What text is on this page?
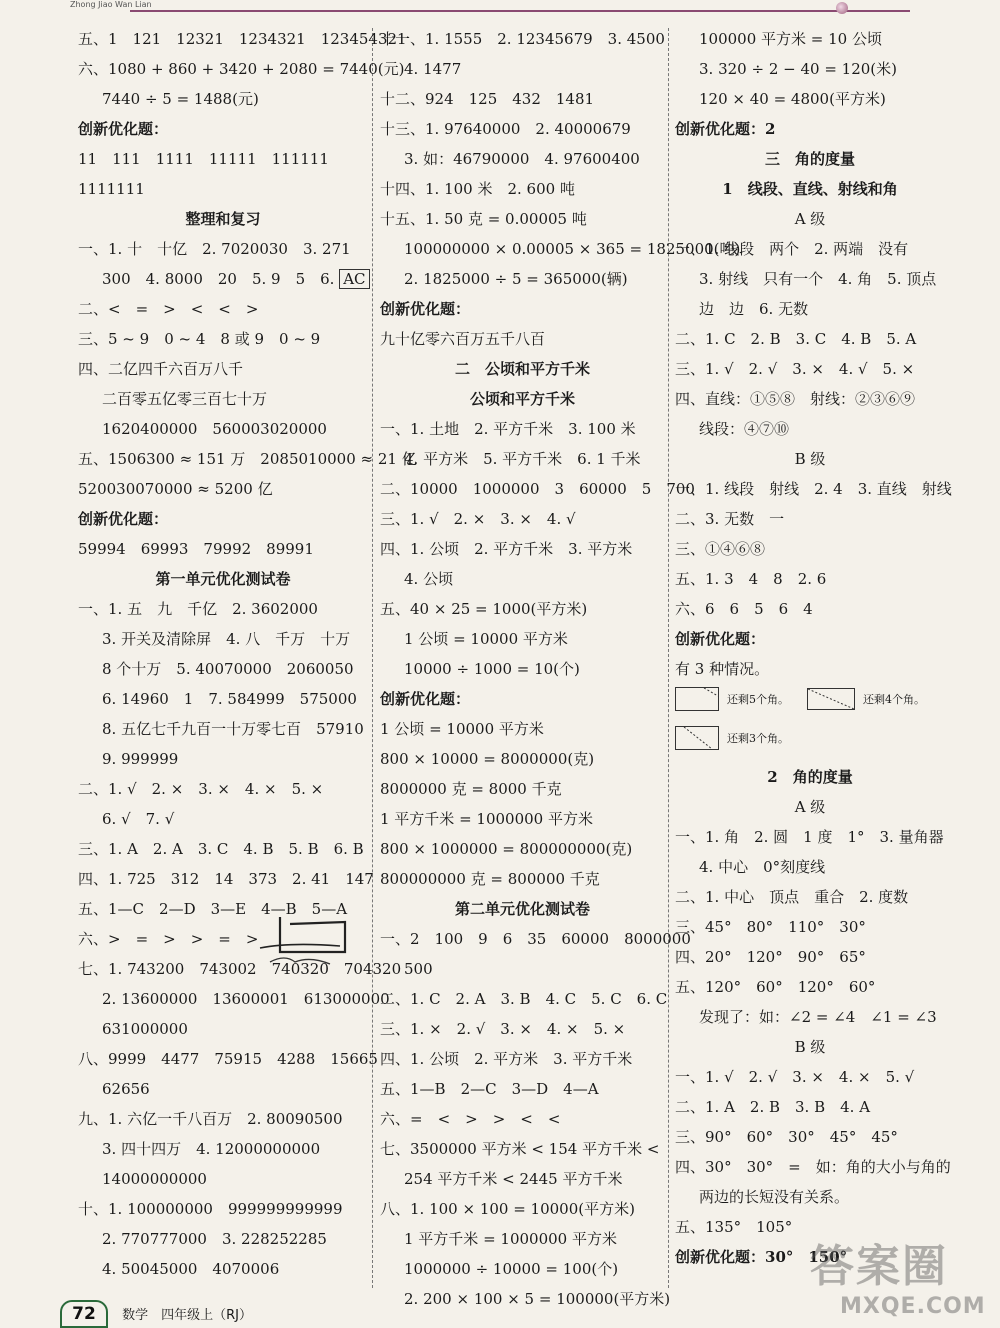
Zhong Jiao Wan Lian
五、1　121　12321　1234321　123454321
六、1080 + 860 + 3420 + 2080 = 7440(元)
7440 ÷ 5 = 1488(元)
创新优化题：
11　111　1111　11111　111111
1111111
整理和复习
一、1. 十　十亿　2. 7020030　3. 271
300　4. 8000　20　5. 9　5　6. AC
二、<　=　>　<　<　>
三、5 ~ 9　0 ~ 4　8 或 9　0 ~ 9
四、二亿四千六百万八千
二百零五亿零三百七十万
1620400000　560003020000
五、1506300 ≈ 151 万　2085010000 ≈ 21 亿
520030070000 ≈ 5200 亿
创新优化题：
59994　69993　79992　89991
第一单元优化测试卷
一、1. 五　九　千亿　2. 3602000
3. 开关及清除屏　4. 八　千万　十万
8 个十万　5. 40070000　2060050
6. 14960　1　7. 584999　575000
8. 五亿七千九百一十万零七百　57910
9. 999999
二、1. √　2. ×　3. ×　4. ×　5. ×
6. √　7. √
三、1. A　2. A　3. C　4. B　5. B　6. B
四、1. 725　312　14　373　2. 41　147
五、1—C　2—D　3—E　4—B　5—A
六、>　=　>　>　=　>
七、1. 743200　743002　740320　704320
2. 13600000　13600001　613000000
631000000
八、9999　4477　75915　4288　15665
62656
九、1. 六亿一千八百万　2. 80090500
3. 四十四万　4. 12000000000
14000000000
十、1. 100000000　999999999999
2. 770777000　3. 228252285
4. 50045000　4070006
十一、1. 1555　2. 12345679　3. 4500
4. 1477
十二、924　125　432　1481
十三、1. 97640000　2. 40000679
3. 如：46790000　4. 97600400
十四、1. 100 米　2. 600 吨
十五、1. 50 克 = 0.00005 吨
100000000 × 0.00005 × 365 = 1825000(吨)
2. 1825000 ÷ 5 = 365000(辆)
创新优化题：
九十亿零六百万五千八百
二　公顷和平方千米
公顷和平方千米
一、1. 土地　2. 平方千米　3. 100 米
4. 平方米　5. 平方千米　6. 1 千米
二、10000　1000000　3　60000　5　700
三、1. √　2. ×　3. ×　4. √
四、1. 公顷　2. 平方千米　3. 平方米
4. 公顷
五、40 × 25 = 1000(平方米)
1 公顷 = 10000 平方米
10000 ÷ 1000 = 10(个)
创新优化题：
1 公顷 = 10000 平方米
800 × 10000 = 8000000(克)
8000000 克 = 8000 千克
1 平方千米 = 1000000 平方米
800 × 1000000 = 800000000(克)
800000000 克 = 800000 千克
第二单元优化测试卷
一、2　100　9　6　35　60000　8000000
500
二、1. C　2. A　3. B　4. C　5. C　6. C
三、1. ×　2. √　3. ×　4. ×　5. ×
四、1. 公顷　2. 平方米　3. 平方千米
五、1—B　2—C　3—D　4—A
六、=　<　>　>　<　<
七、3500000 平方米 < 154 平方千米 <
254 平方千米 < 2445 平方千米
八、1. 100 × 100 = 10000(平方米)
1 平方千米 = 1000000 平方米
1000000 ÷ 10000 = 100(个)
2. 200 × 100 × 5 = 100000(平方米)
100000 平方米 = 10 公顷
3. 320 ÷ 2 − 40 = 120(米)
120 × 40 = 4800(平方米)
创新优化题：2
三　角的度量
1　线段、直线、射线和角
A 级
一、1. 线段　两个　2. 两端　没有
3. 射线　只有一个　4. 角　5. 顶点
边　边　6. 无数
二、1. C　2. B　3. C　4. B　5. A
三、1. √　2. √　3. ×　4. √　5. ×
四、直线：①⑤⑧　射线：②③⑥⑨
线段：④⑦⑩
B 级
一、1. 线段　射线　2. 4　3. 直线　射线
二、3. 无数　一
三、①④⑥⑧
五、1. 3　4　8　2. 6
六、6　6　5　6　4
创新优化题：
有 3 种情况。
还剩5个角。	还剩4个角。
还剩3个角。
2　角的度量
A 级
一、1. 角　2. 圆　1 度　1°　3. 量角器
4. 中心　0°刻度线
二、1. 中心　顶点　重合　2. 度数
三、45°　80°　110°　30°
四、20°　120°　90°　65°
五、120°　60°　120°　60°
发现了：如：∠2 = ∠4　∠1 = ∠3
B 级
一、1. √　2. √　3. ×　4. ×　5. √
二、1. A　2. B　3. B　4. A
三、90°　60°　30°　45°　45°
四、30°　30°　=　如：角的大小与角的
两边的长短没有关系。
五、135°　105°
创新优化题：30°　150°
72 数学　四年级上（RJ）
答案圈
MXQE.COM
